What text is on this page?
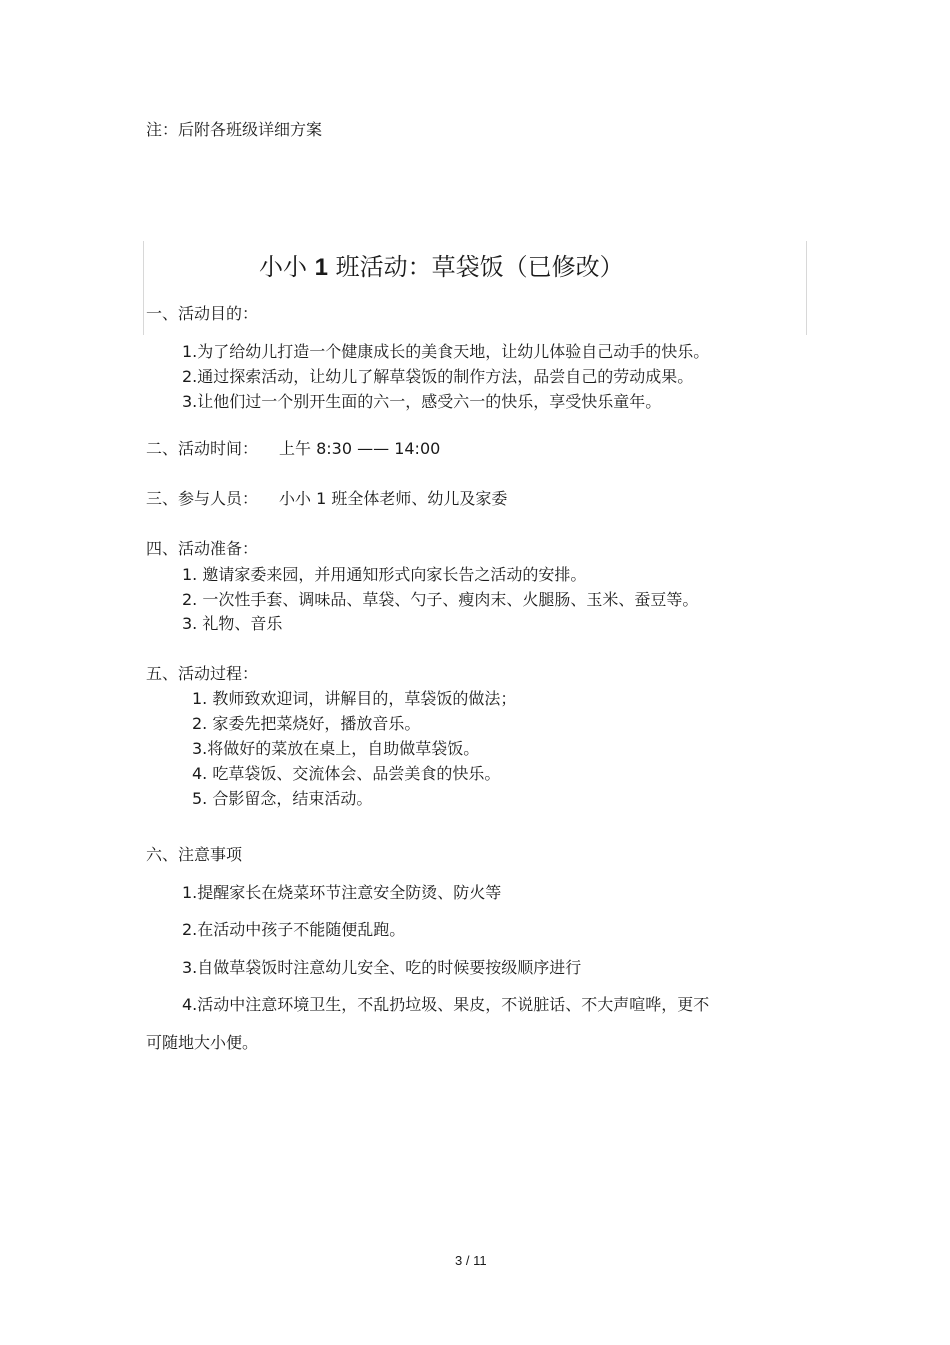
注：后附各班级详细方案
小小 1 班活动：草袋饭（已修改）
一、活动目的：
1.为了给幼儿打造一个健康成长的美食天地，让幼儿体验自己动手的快乐。
2.通过探索活动，让幼儿了解草袋饭的制作方法，品尝自己的劳动成果。
3.让他们过一个别开生面的六一，感受六一的快乐，享受快乐童年。
二、活动时间： 上午 8:30 —— 14:00
三、参与人员： 小小 1 班全体老师、幼儿及家委
四、活动准备：
1. 邀请家委来园，并用通知形式向家长告之活动的安排。
2. 一次性手套、调味品、草袋、勺子、瘦肉末、火腿肠、玉米、蚕豆等。
3. 礼物、音乐
五、活动过程：
1. 教师致欢迎词，讲解目的，草袋饭的做法；
2. 家委先把菜烧好，播放音乐。
3.将做好的菜放在桌上，自助做草袋饭。
4. 吃草袋饭、交流体会、品尝美食的快乐。
5. 合影留念，结束活动。
六、注意事项
1.提醒家长在烧菜环节注意安全防烫、防火等
2.在活动中孩子不能随便乱跑。
3.自做草袋饭时注意幼儿安全、吃的时候要按级顺序进行
4.活动中注意环境卫生，不乱扔垃圾、果皮，不说脏话、不大声喧哗，更不
可随地大小便。
3 / 11
